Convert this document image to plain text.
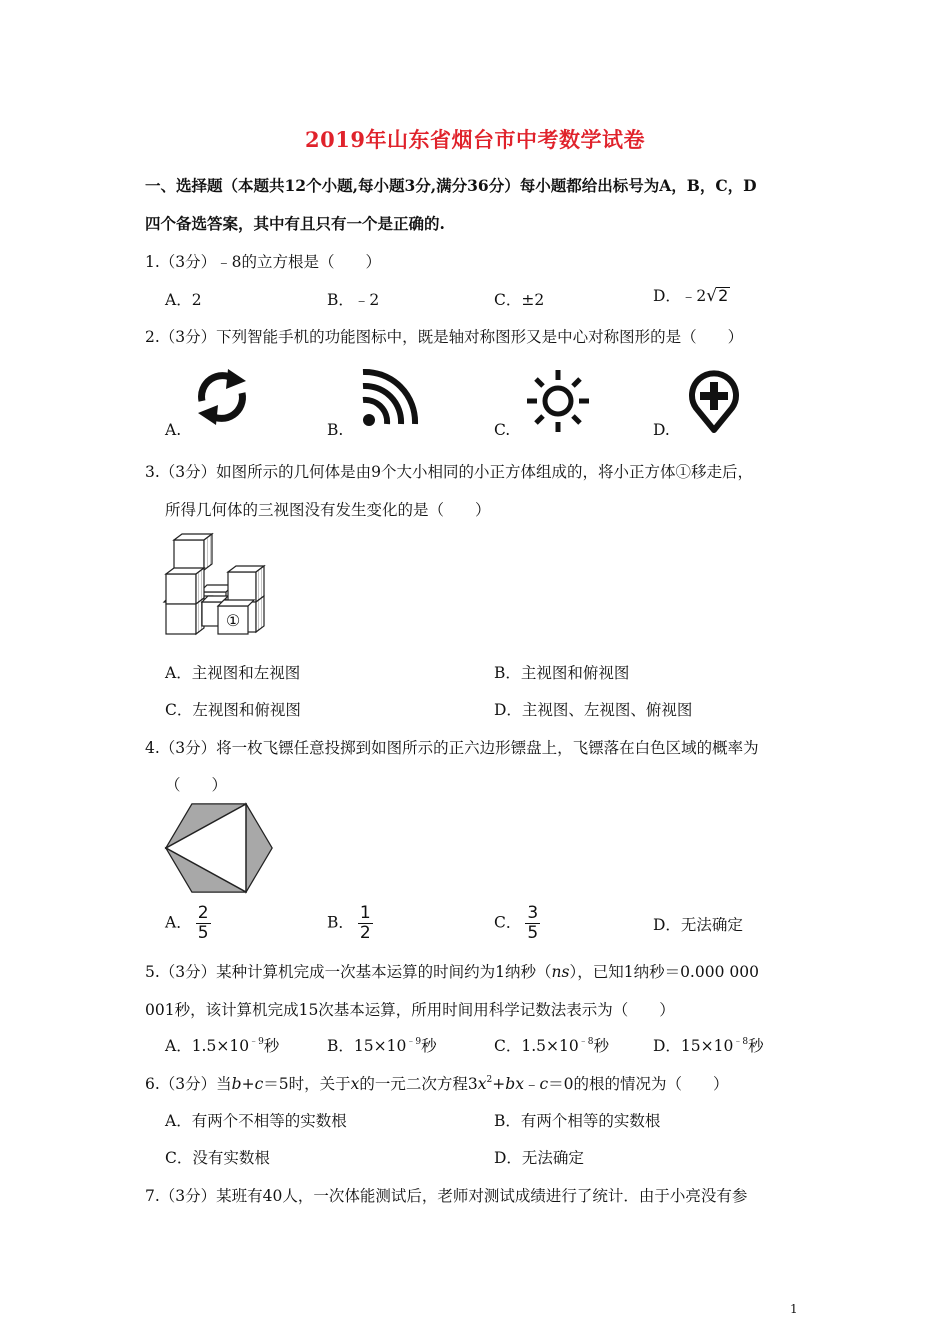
2019年山东省烟台市中考数学试卷
一、选择题（本题共12个小题,每小题3分,满分36分）每小题都给出标号为A，B，C，D
四个备选答案，其中有且只有一个是正确的.
1.（3分）﹣8的立方根是（　　）
A．2	B．﹣2	C．±2	D．﹣2√2
2.（3分）下列智能手机的功能图标中，既是轴对称图形又是中心对称图形的是（　　）
A.	B.	C.	D.
3.（3分）如图所示的几何体是由9个大小相同的小正方体组成的，将小正方体①移走后，
所得几何体的三视图没有发生变化的是（　　）
①
A．主视图和左视图	B．主视图和俯视图
C．左视图和俯视图	D．主视图、左视图、俯视图
4.（3分）将一枚飞镖任意投掷到如图所示的正六边形镖盘上，飞镖落在白色区域的概率为
（　　）
A． $\frac{2}{5}$	B． $\frac{1}{2}$	C． $\frac{3}{5}$	D．无法确定
5.（3分）某种计算机完成一次基本运算的时间约为1纳秒（ns），已知1纳秒＝0.000 000
001秒，该计算机完成15次基本运算，所用时间用科学记数法表示为（　　）
A．$1.5\times 10^{﹣9}$秒	B．$15\times 10^{﹣9}$秒	C．$1.5\times 10^{﹣8}$秒	D．$15\times 10^{﹣8}$秒
6.（3分）当b+c＝5时，关于x的一元二次方程$3x^2+bx﹣c=0$的根的情况为（　　）
A．有两个不相等的实数根	B．有两个相等的实数根
C．没有实数根	D．无法确定
7.（3分）某班有40人，一次体能测试后，老师对测试成绩进行了统计．由于小亮没有参
1
